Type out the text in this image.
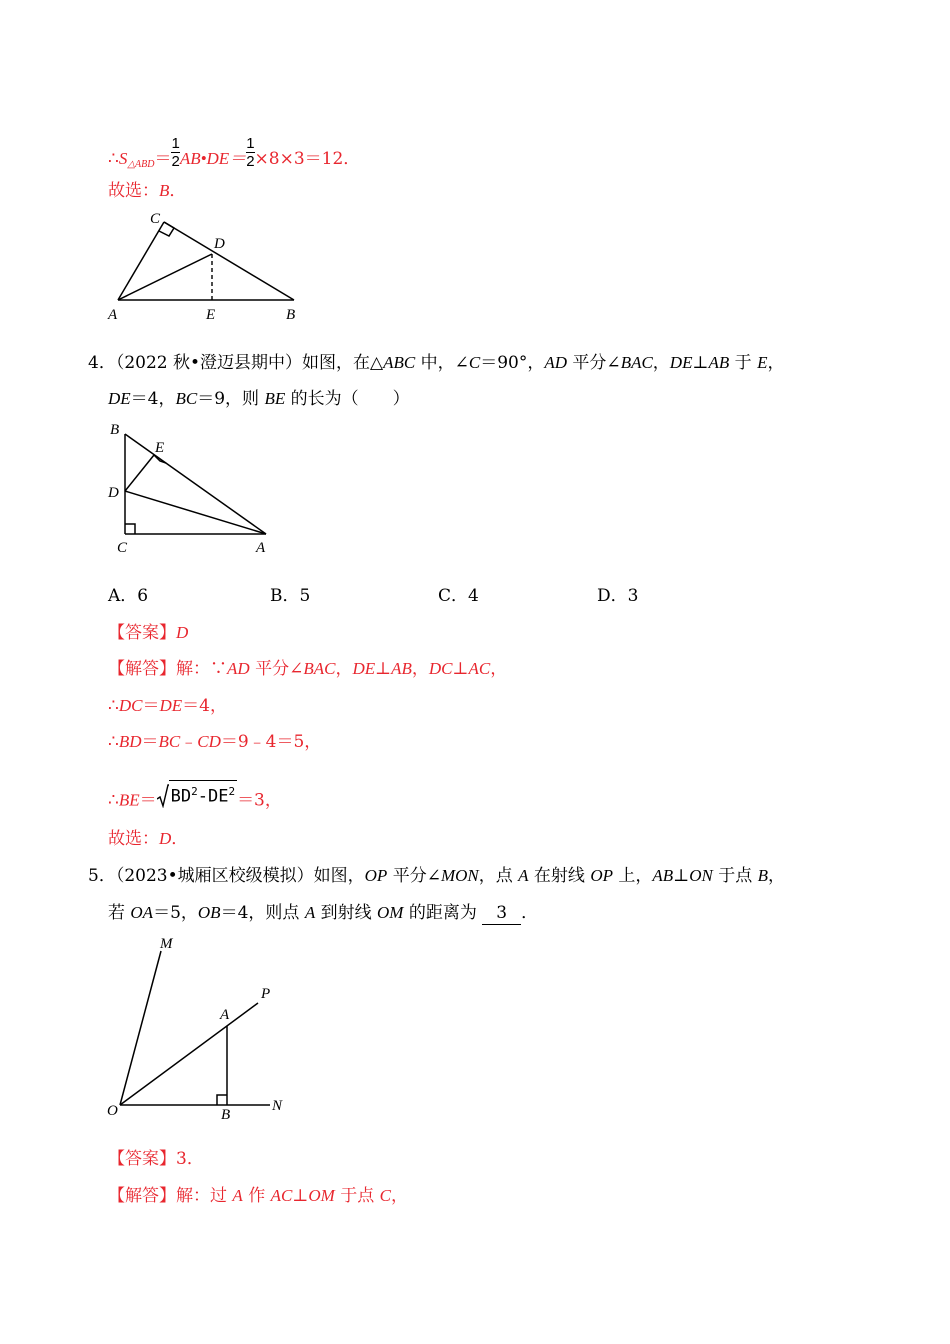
$\therefore S_{\triangle ABD}= \frac{1}{2}$ AB•DE＝ $\frac{1}{2} \times 8\times 3=12$．
故选：B．
C
D
A	E	B
4．（2022 秋•澄迈县期中）如图，在△ABC 中，∠C＝90°，AD 平分∠BAC，DE⊥AB 于 E，
DE＝4，BC＝9，则 BE 的长为（　　）
B
E
D
C	A
A．6	B．5	C．4	D．3
【答案】D
【解答】解：∵AD 平分∠BAC，DE⊥AB，DC⊥AC，
∴DC＝DE＝4，
∴BD＝BC﹣CD＝9﹣4＝5，
∴BE＝ $BD^2-DE^2 =3$，
故选：D．
5．（2023•城厢区校级模拟）如图，OP 平分∠MON，点 A 在射线 OP 上，AB⊥ON 于点 B，
若 OA＝5，OB＝4，则点 A 到射线 OM 的距离为 3 ．
M
P
A
O	B
N
【答案】3．
【解答】解：过 A 作 AC⊥OM 于点 C，
